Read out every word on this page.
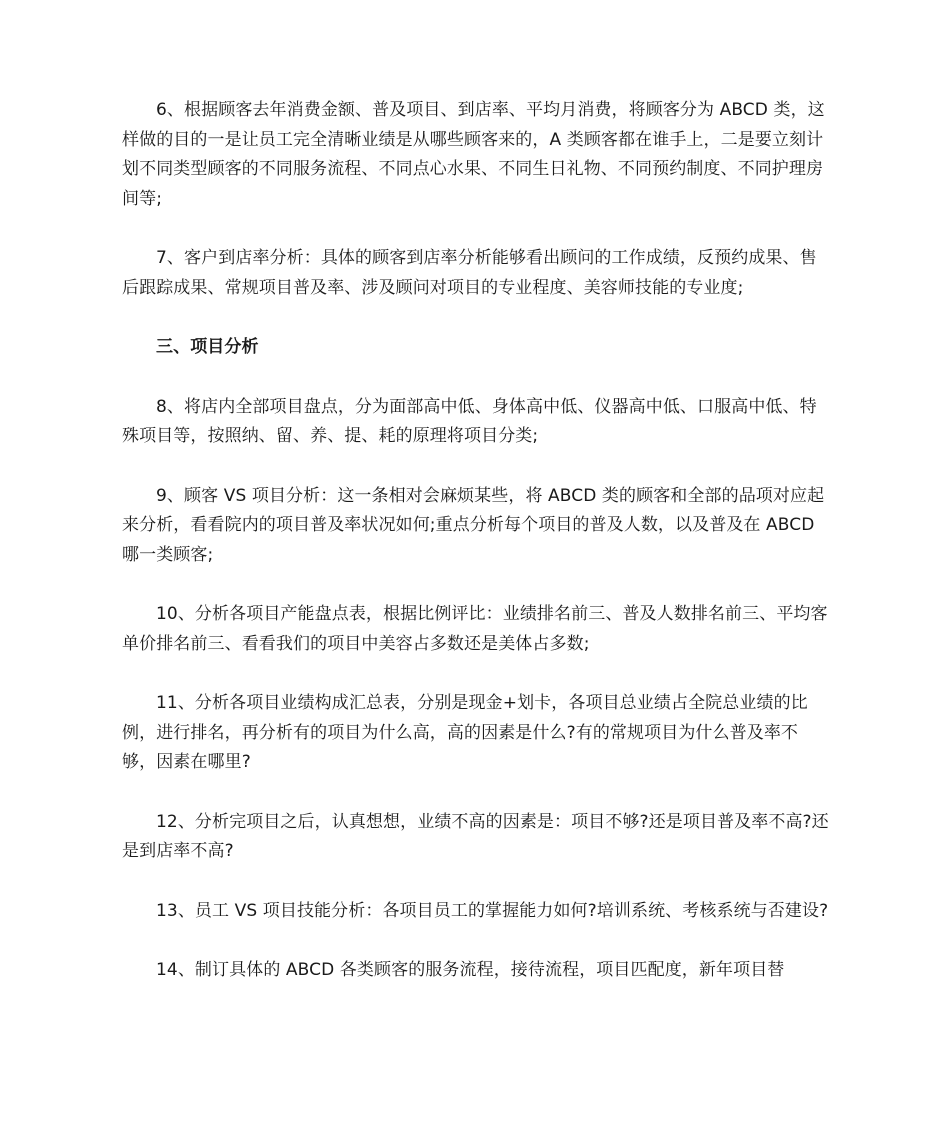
6、根据顾客去年消费金额、普及项目、到店率、平均月消费，将顾客分为 ABCD 类，这样做的目的一是让员工完全清晰业绩是从哪些顾客来的，A 类顾客都在谁手上，二是要立刻计划不同类型顾客的不同服务流程、不同点心水果、不同生日礼物、不同预约制度、不同护理房间等;

7、客户到店率分析：具体的顾客到店率分析能够看出顾问的工作成绩，反预约成果、售后跟踪成果、常规项目普及率、涉及顾问对项目的专业程度、美容师技能的专业度;

三、项目分析

8、将店内全部项目盘点，分为面部高中低、身体高中低、仪器高中低、口服高中低、特殊项目等，按照纳、留、养、提、耗的原理将项目分类;

9、顾客 VS 项目分析：这一条相对会麻烦某些，将 ABCD 类的顾客和全部的品项对应起来分析，看看院内的项目普及率状况如何;重点分析每个项目的普及人数，以及普及在 ABCD 哪一类顾客;

10、分析各项目产能盘点表，根据比例评比：业绩排名前三、普及人数排名前三、平均客单价排名前三、看看我们的项目中美容占多数还是美体占多数;

11、分析各项目业绩构成汇总表，分别是现金+划卡，各项目总业绩占全院总业绩的比例，进行排名，再分析有的项目为什么高，高的因素是什么?有的常规项目为什么普及率不够，因素在哪里?

12、分析完项目之后，认真想想，业绩不高的因素是：项目不够?还是项目普及率不高?还是到店率不高?

13、员工 VS 项目技能分析：各项目员工的掌握能力如何?培训系统、考核系统与否建设?

14、制订具体的 ABCD 各类顾客的服务流程，接待流程，项目匹配度，新年项目替
